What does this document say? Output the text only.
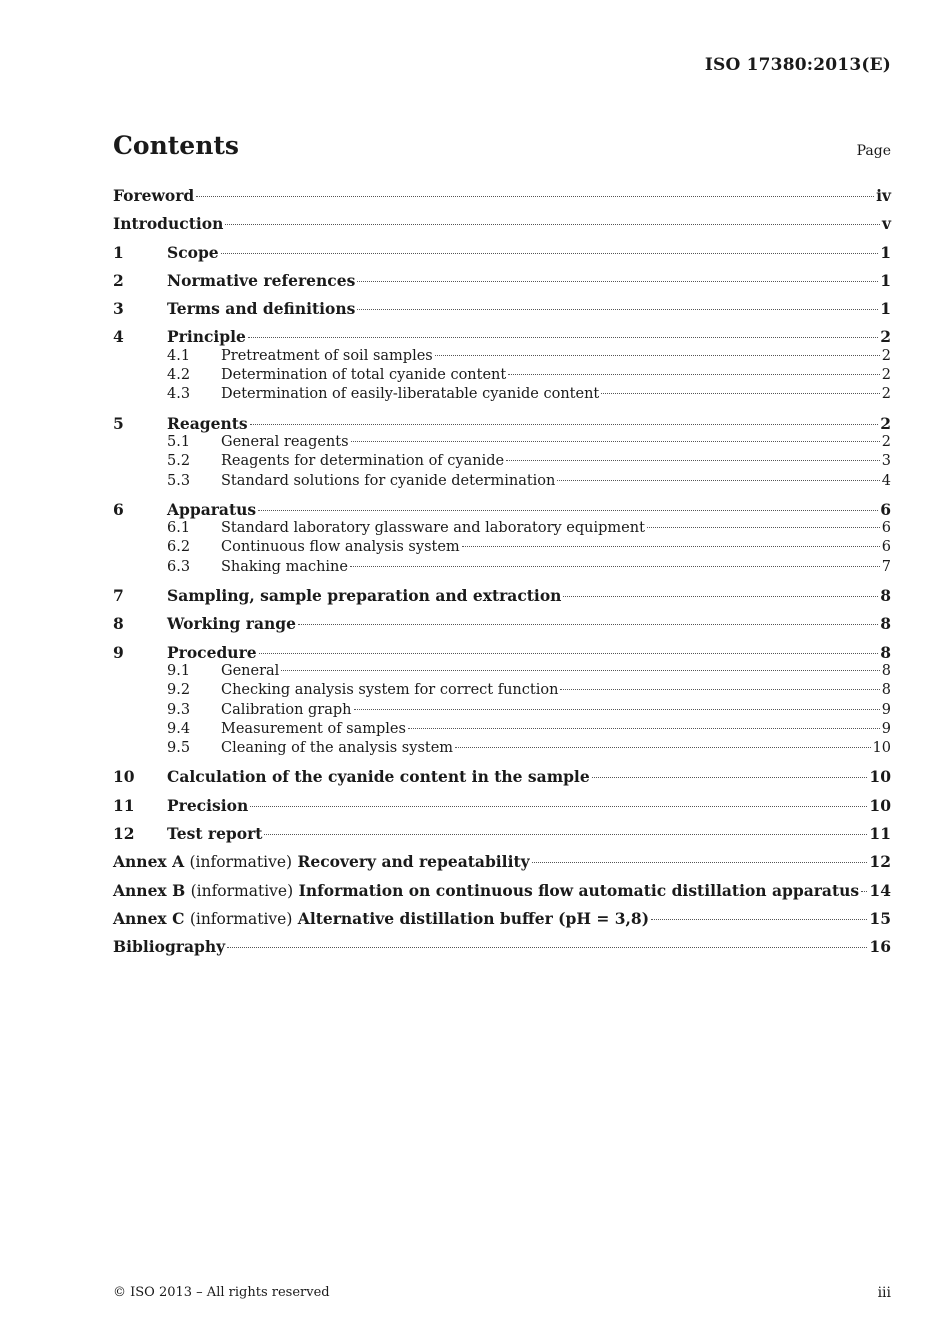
ISO 17380:2013(E)
Contents	Page
Foreword	iv
Introduction	v
1	Scope	1
2	Normative references	1
3	Terms and definitions	1
4	Principle	2
4.1	Pretreatment of soil samples	2
4.2	Determination of total cyanide content	2
4.3	Determination of easily-liberatable cyanide content	2
5	Reagents	2
5.1	General reagents	2
5.2	Reagents for determination of cyanide	3
5.3	Standard solutions for cyanide determination	4
6	Apparatus	6
6.1	Standard laboratory glassware and laboratory equipment	6
6.2	Continuous flow analysis system	6
6.3	Shaking machine	7
7	Sampling, sample preparation and extraction	8
8	Working range	8
9	Procedure	8
9.1	General	8
9.2	Checking analysis system for correct function	8
9.3	Calibration graph	9
9.4	Measurement of samples	9
9.5	Cleaning of the analysis system	10
10	Calculation of the cyanide content in the sample	10
11	Precision	10
12	Test report	11
Annex A (informative) Recovery and repeatability	12
Annex B (informative) Information on continuous flow automatic distillation apparatus 14
Annex C (informative) Alternative distillation buffer (pH = 3,8)	15
Bibliography	16
© ISO 2013 – All rights reserved	iii
